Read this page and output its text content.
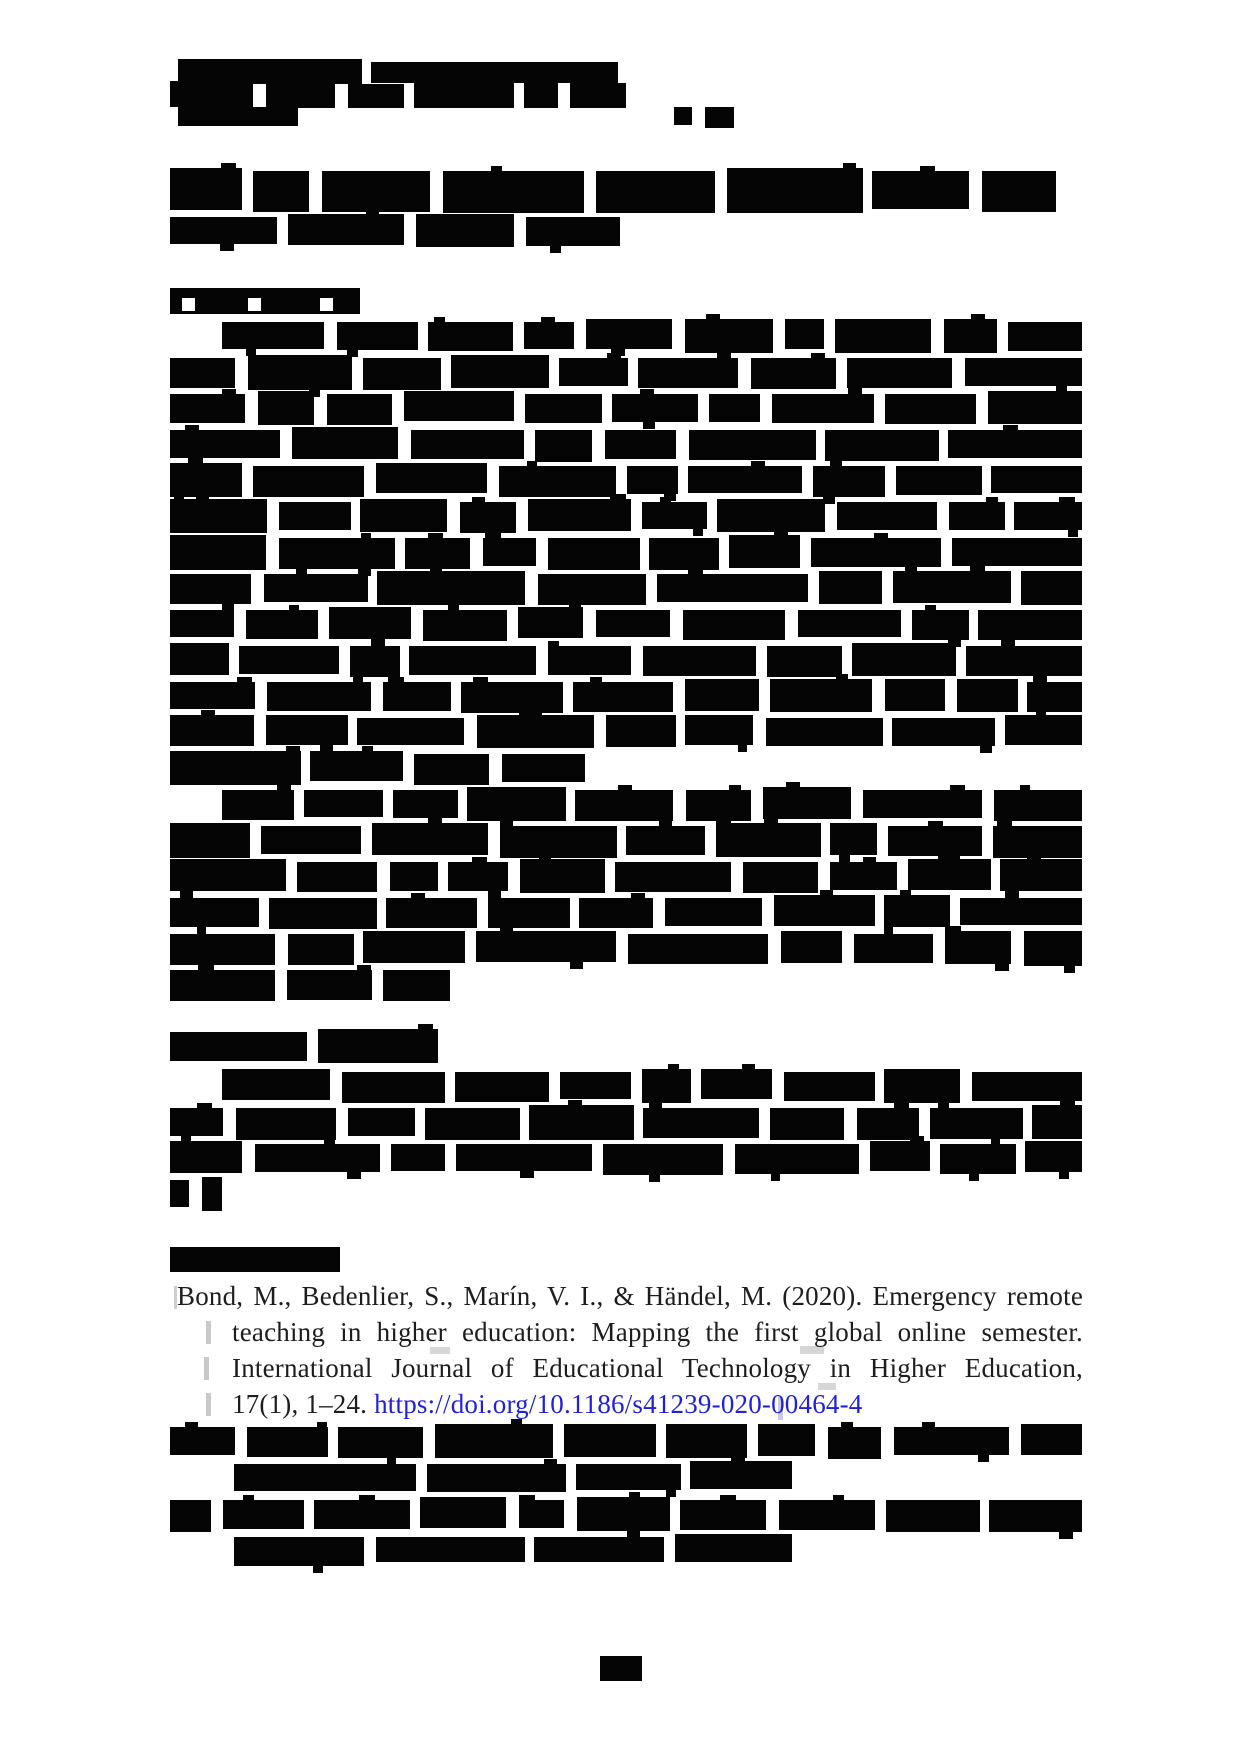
Bond, M., Bedenlier, S., Marín, V. I., & Händel, M. (2020). Emergency remote
teaching in higher education: Mapping the first global online semester.
International Journal of Educational Technology in Higher Education,
17(1), 1–24. https://doi.org/10.1186/s41239-020-00464-4
